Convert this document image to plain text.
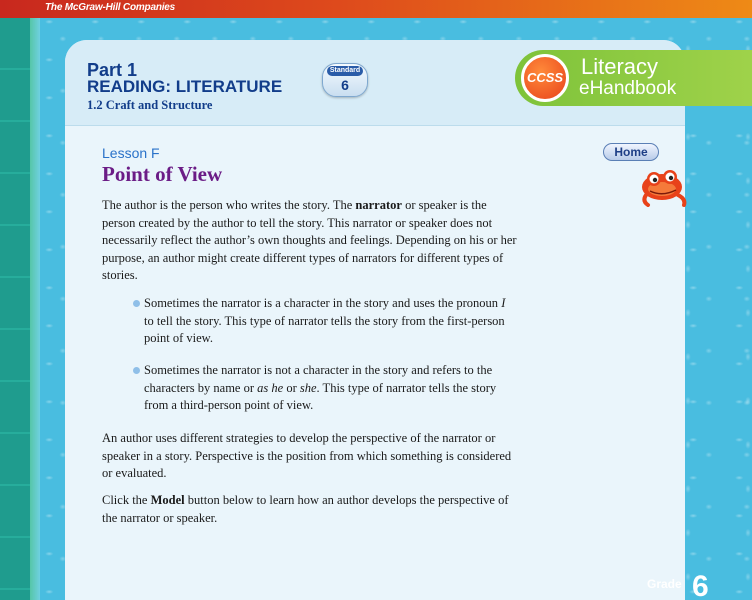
The McGraw-Hill Companies
Part 1
READING: LITERATURE
1.2 Craft and Structure
Standard
6	CCSS Literacy
eHandbook
Home
Lesson F
Point of View
The author is the person who writes the story. The narrator or speaker is the person created by the author to tell the story. This narrator or speaker does not necessarily reflect the author’s own thoughts and feelings. Depending on his or her purpose, an author might create different types of narrators for different types of stories.
Sometimes the narrator is a character in the story and uses the pronoun I to tell the story. This type of narrator tells the story from the first-person point of view.
Sometimes the narrator is not a character in the story and refers to the characters by name or as he or she. This type of narrator tells the story from a third-person point of view.
An author uses different strategies to develop the perspective of the narrator or speaker in a story. Perspective is the position from which something is considered or evaluated.
Click the Model button below to learn how an author develops the perspective of the narrator or speaker.
Grade 6
